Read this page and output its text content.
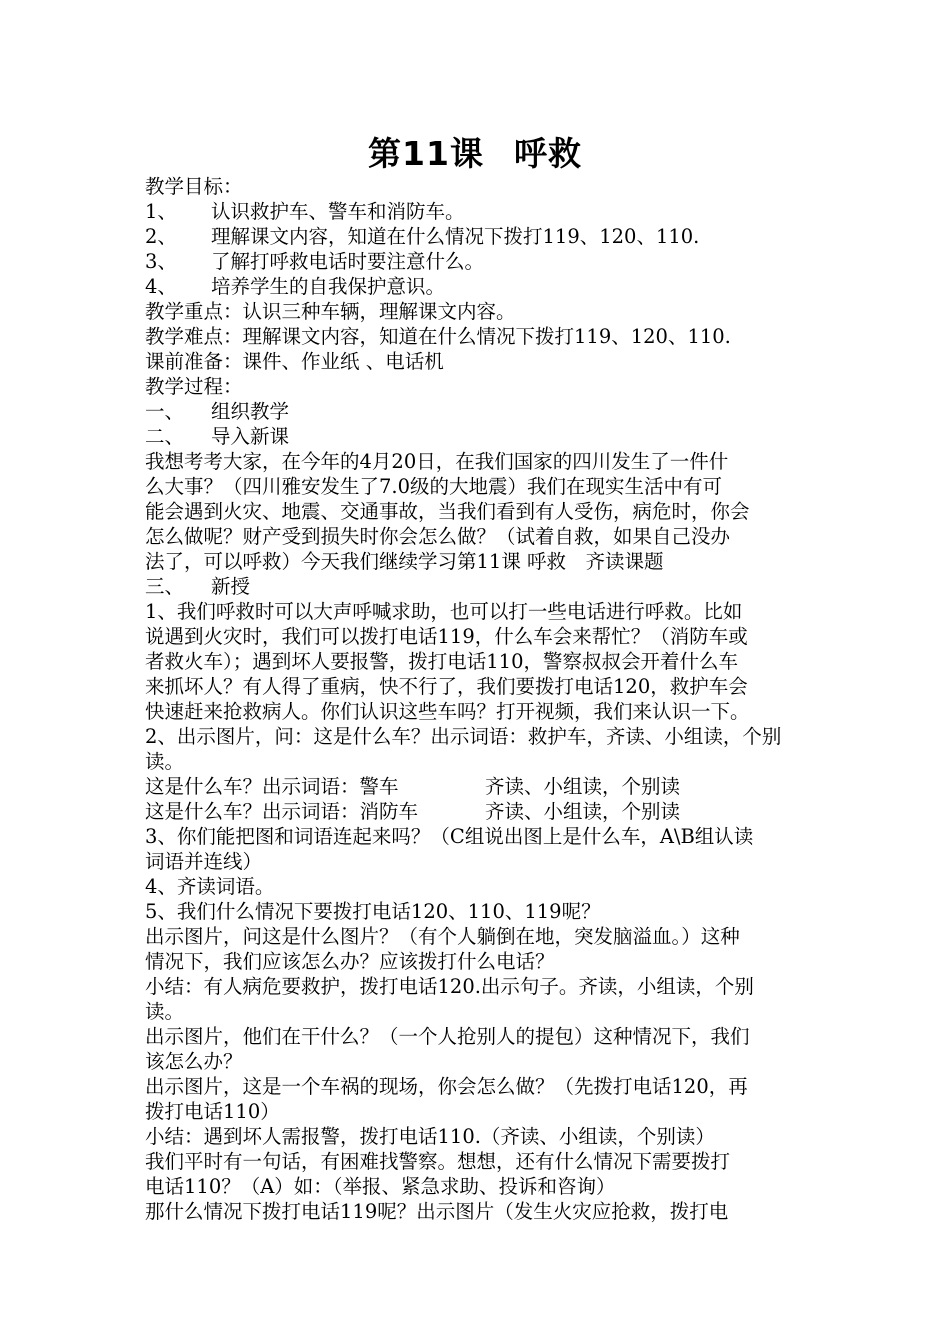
第11课 呼救
教学目标：
1、 认识救护车、警车和消防车。
2、 理解课文内容，知道在什么情况下拨打119、120、110.
3、 了解打呼救电话时要注意什么。
4、 培养学生的自我保护意识。
教学重点：认识三种车辆，理解课文内容。
教学难点：理解课文内容，知道在什么情况下拨打119、120、110.
课前准备：课件、作业纸 、电话机
教学过程：
一、 组织教学
二、 导入新课
我想考考大家，在今年的4月20日，在我们国家的四川发生了一件什
么大事？（四川雅安发生了7.0级的大地震）我们在现实生活中有可
能会遇到火灾、地震、交通事故，当我们看到有人受伤，病危时，你会
怎么做呢？财产受到损失时你会怎么做？（试着自救，如果自己没办
法了，可以呼救）今天我们继续学习第11课 呼救　齐读课题
三、 新授
1、我们呼救时可以大声呼喊求助，也可以打一些电话进行呼救。比如
说遇到火灾时，我们可以拨打电话119，什么车会来帮忙？（消防车或
者救火车）；遇到坏人要报警，拨打电话110，警察叔叔会开着什么车
来抓坏人？有人得了重病，快不行了，我们要拨打电话120，救护车会
快速赶来抢救病人。你们认识这些车吗？打开视频，我们来认识一下。
2、出示图片，问：这是什么车？出示词语：救护车，齐读、小组读，个别
读。
这是什么车？出示词语：警车	齐读、小组读，个别读
这是什么车？出示词语：消防车	齐读、小组读，个别读
3、你们能把图和词语连起来吗？（C组说出图上是什么车，A\B组认读
词语并连线）
4、齐读词语。
5、我们什么情况下要拨打电话120、110、119呢？
出示图片，问这是什么图片？（有个人躺倒在地，突发脑溢血。）这种
情况下，我们应该怎么办？应该拨打什么电话？
小结：有人病危要救护，拨打电话120.出示句子。齐读，小组读，个别
读。
出示图片，他们在干什么？（一个人抢别人的提包）这种情况下，我们
该怎么办？
出示图片，这是一个车祸的现场，你会怎么做？（先拨打电话120，再
拨打电话110）
小结：遇到坏人需报警，拨打电话110.（齐读、小组读，个别读）
我们平时有一句话，有困难找警察。想想，还有什么情况下需要拨打
电话110？（A）如：（举报、紧急求助、投诉和咨询）
那什么情况下拨打电话119呢？出示图片（发生火灾应抢救，拨打电
